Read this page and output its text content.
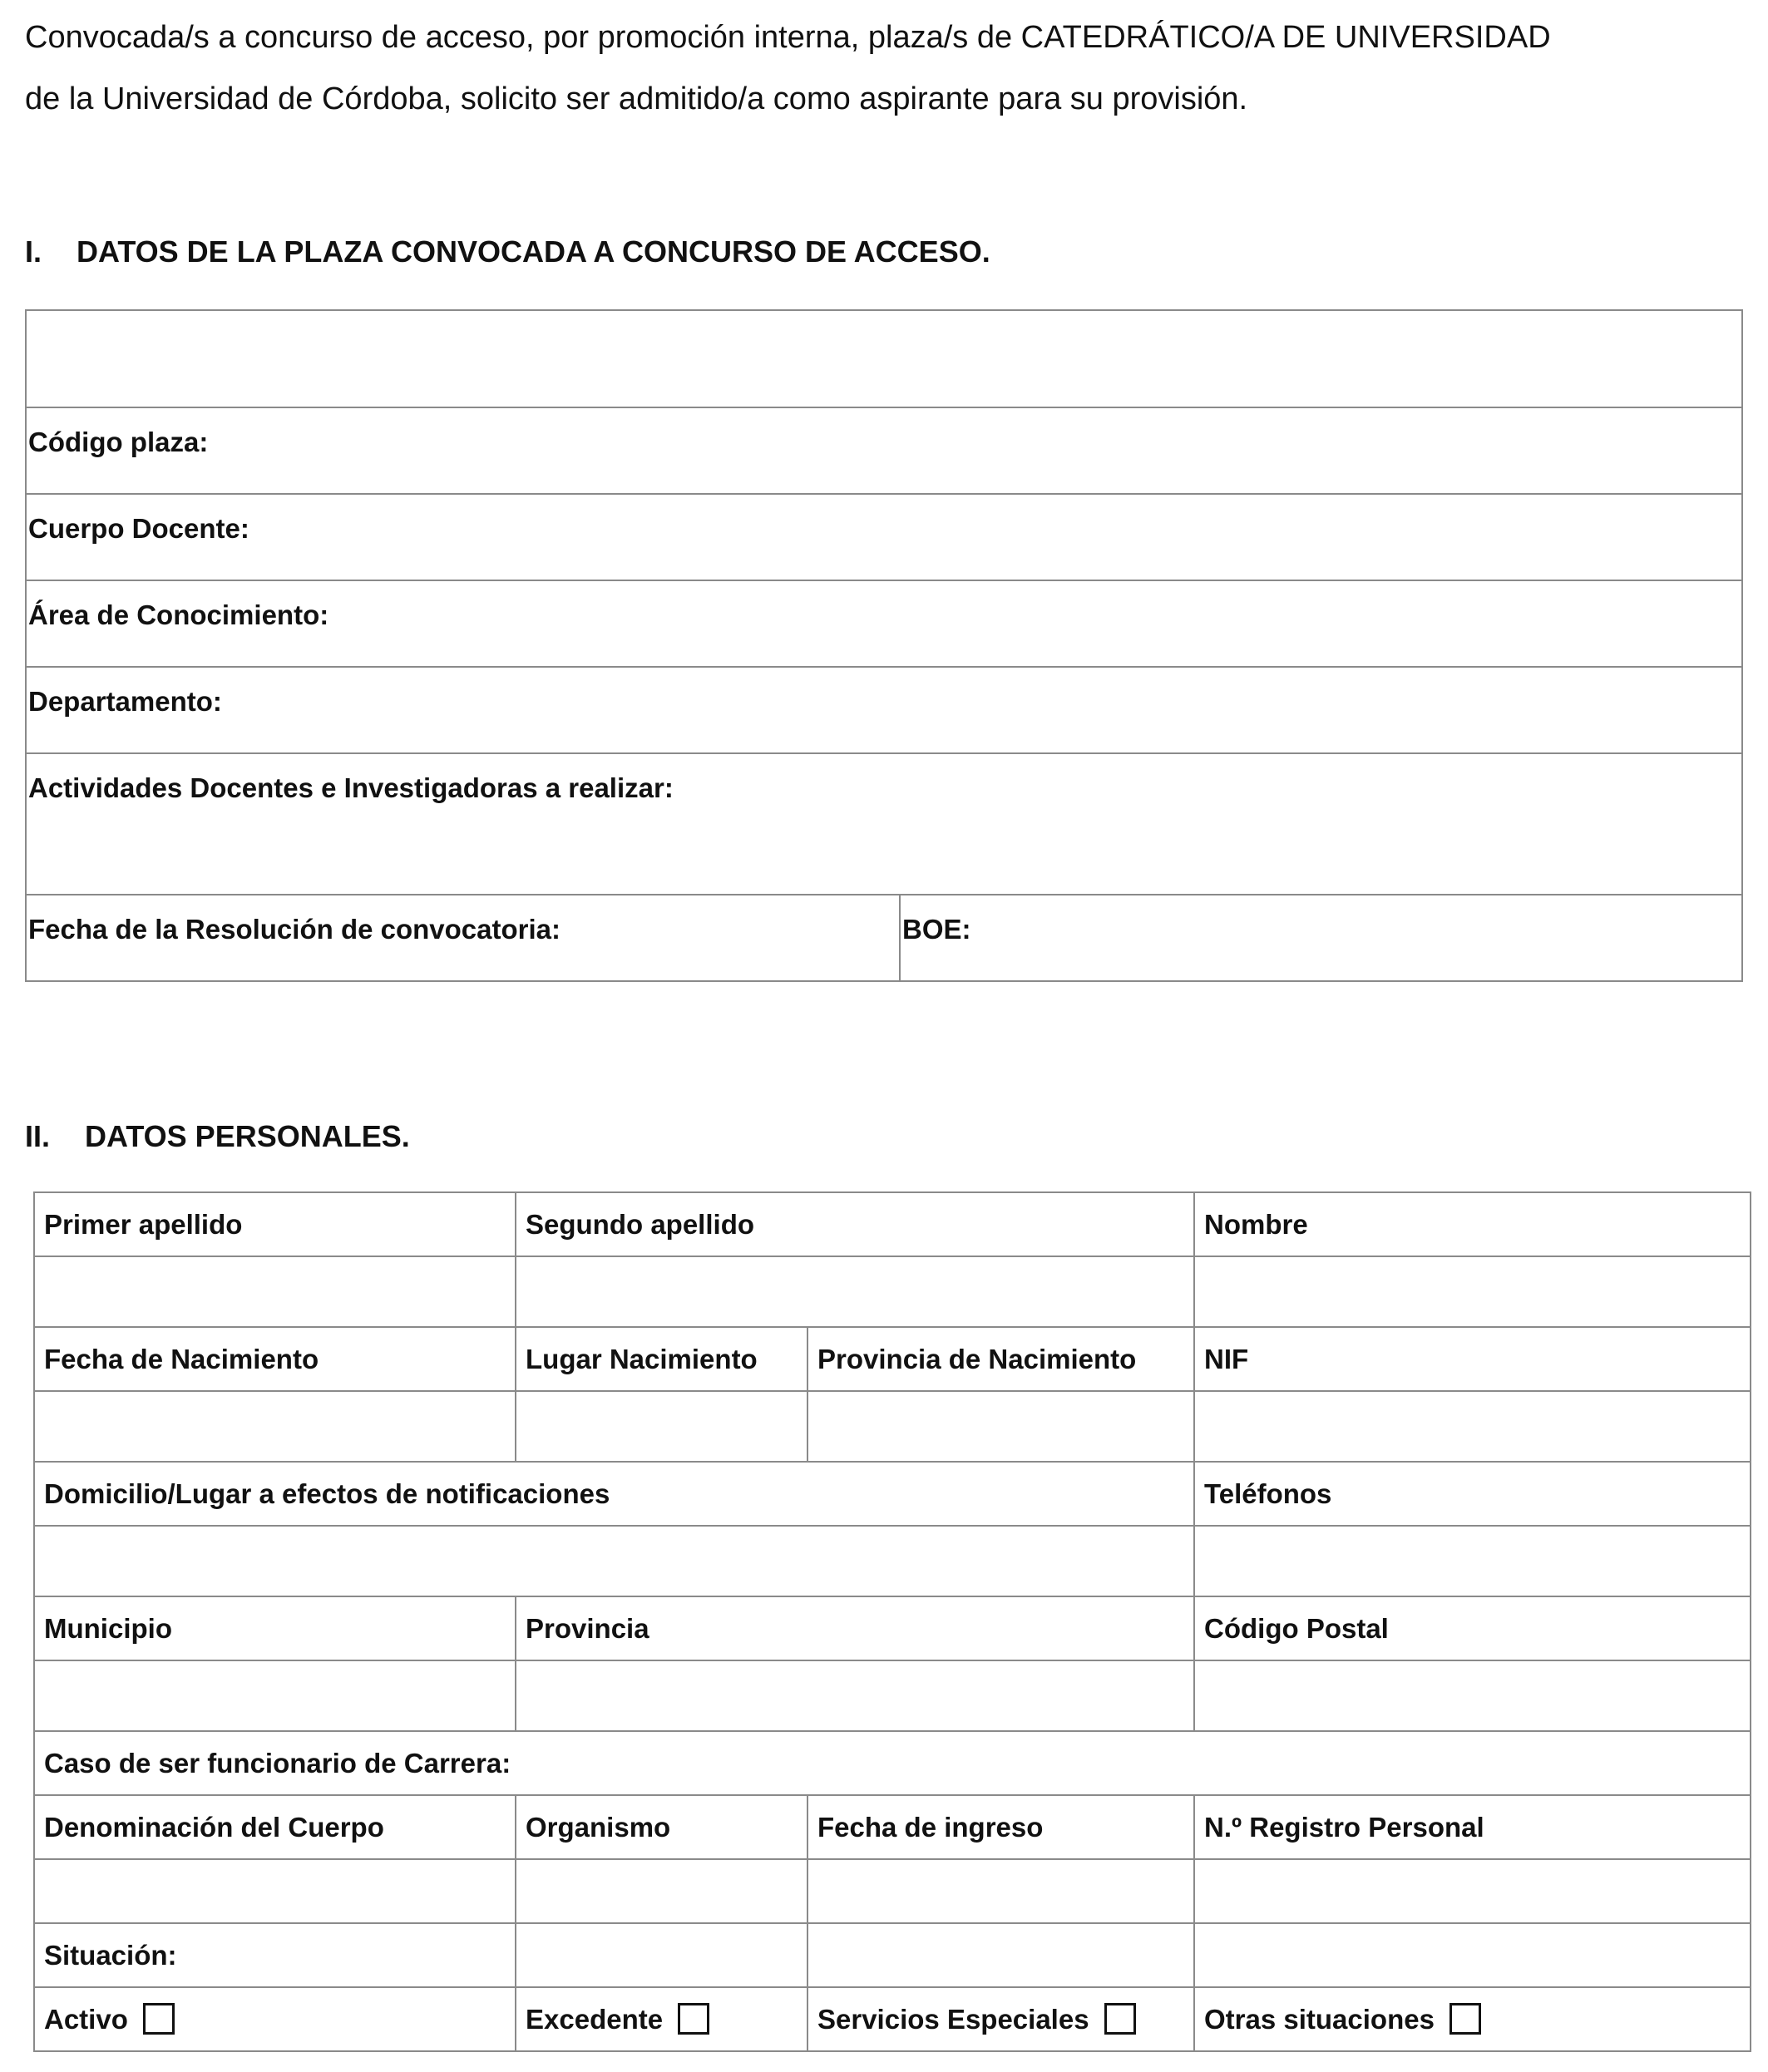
Convocada/s a concurso de acceso, por promoción interna, plaza/s de CATEDRÁTICO/A DE UNIVERSIDAD
de la Universidad de Córdoba, solicito ser admitido/a como aspirante para su provisión.

I. DATOS DE LA PLAZA CONVOCADA A CONCURSO DE ACCESO.

Código plaza:
Cuerpo Docente:
Área de Conocimiento:
Departamento:
Actividades Docentes e Investigadoras a realizar:
Fecha de la Resolución de convocatoria:	BOE:
II. DATOS PERSONALES.
Primer apellido	Segundo apellido		Nombre

Fecha de Nacimiento	Lugar Nacimiento	Provincia de Nacimiento	NIF

Domicilio/Lugar a efectos de notificaciones			Teléfonos

Municipio	Provincia		Código Postal

Caso de ser funcionario de Carrera:			
Denominación del Cuerpo	Organismo	Fecha de ingreso	N.º Registro Personal

Situación:			
Activo	Excedente	Servicios Especiales	Otras situaciones
